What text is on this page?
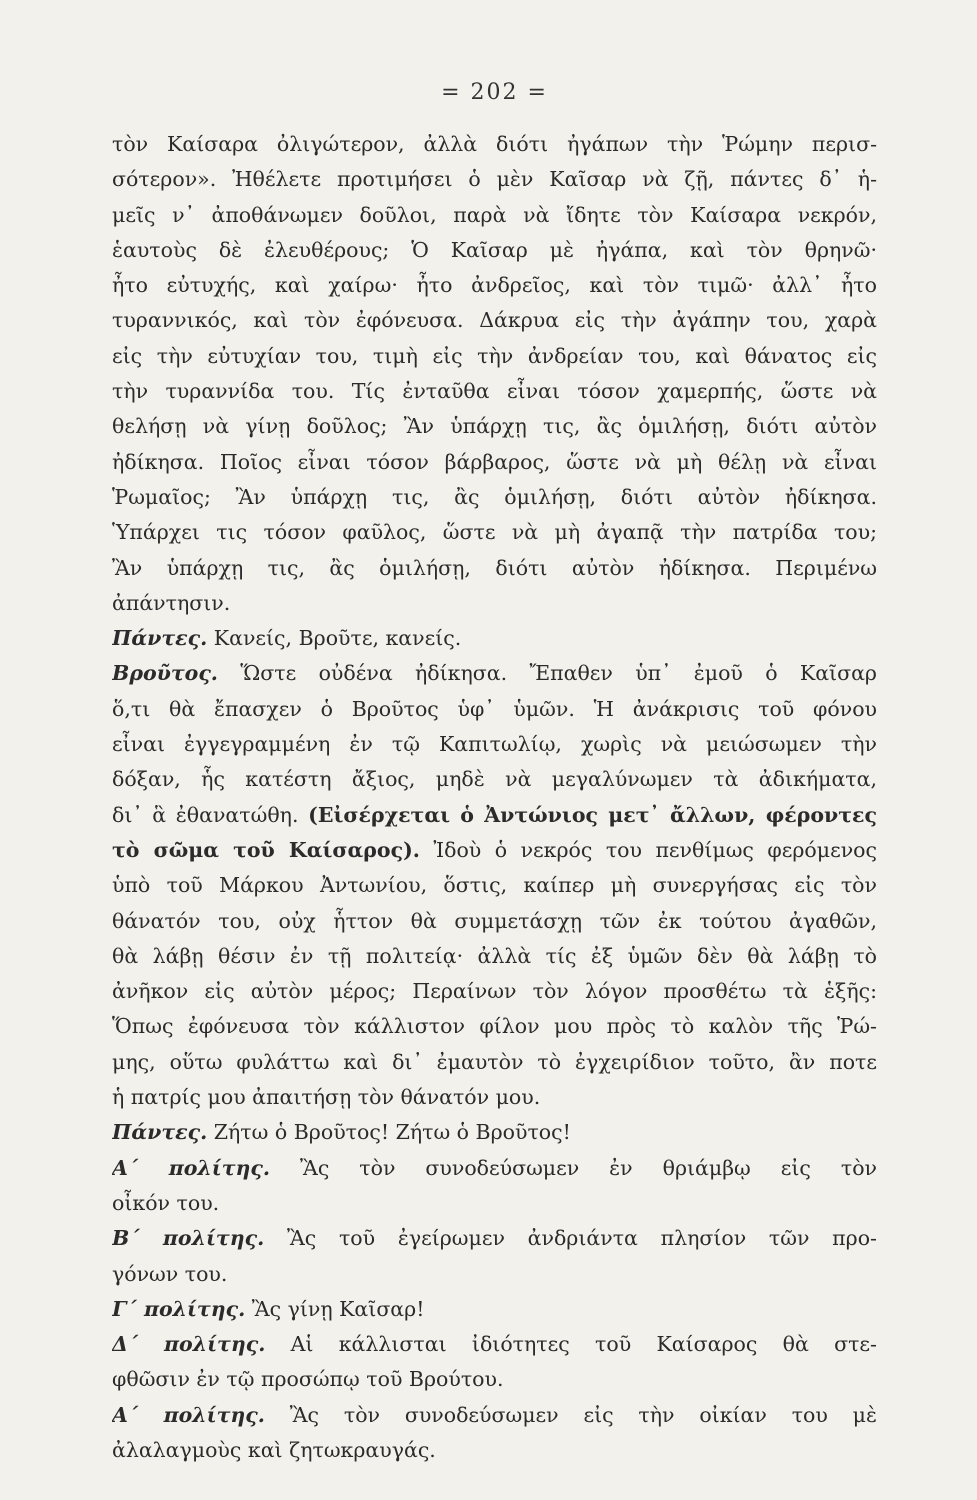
= 202 =
τὸν Καίσαρα ὀλιγώτερον, ἀλλὰ διότι ἠγάπων τὴν Ῥώμην περισ-
σότερον». Ἠθέλετε προτιμήσει ὁ μὲν Καῖσαρ νὰ ζῇ, πάντες δ᾽ ἡ-
μεῖς ν᾽ ἀποθάνωμεν δοῦλοι, παρὰ νὰ ἴδητε τὸν Καίσαρα νεκρόν,
ἑαυτοὺς δὲ ἐλευθέρους; Ὁ Καῖσαρ μὲ ἠγάπα, καὶ τὸν θρηνῶ·
ἦτο εὐτυχής, καὶ χαίρω· ἦτο ἀνδρεῖος, καὶ τὸν τιμῶ· ἀλλ᾽ ἦτο
τυραννικός, καὶ τὸν ἐφόνευσα. Δάκρυα εἰς τὴν ἀγάπην του, χαρὰ
εἰς τὴν εὐτυχίαν του, τιμὴ εἰς τὴν ἀνδρείαν του, καὶ θάνατος εἰς
τὴν τυραννίδα του. Τίς ἐνταῦθα εἶναι τόσον χαμερπής, ὥστε νὰ
θελήσῃ νὰ γίνῃ δοῦλος; Ἂν ὑπάρχῃ τις, ἂς ὁμιλήσῃ, διότι αὐτὸν
ἠδίκησα. Ποῖος εἶναι τόσον βάρβαρος, ὥστε νὰ μὴ θέλῃ νὰ εἶναι
Ῥωμαῖος; Ἂν ὑπάρχῃ τις, ἂς ὁμιλήσῃ, διότι αὐτὸν ἠδίκησα.
Ὑπάρχει τις τόσον φαῦλος, ὥστε νὰ μὴ ἀγαπᾷ τὴν πατρίδα του;
Ἂν ὑπάρχῃ τις, ἂς ὁμιλήσῃ, διότι αὐτὸν ἠδίκησα. Περιμένω
ἀπάντησιν.
Πάντες. Κανείς, Βροῦτε, κανείς.
Βροῦτος. Ὥστε οὐδένα ἠδίκησα. Ἔπαθεν ὑπ᾽ ἐμοῦ ὁ Καῖσαρ
ὅ,τι θὰ ἔπασχεν ὁ Βροῦτος ὑφ᾽ ὑμῶν. Ἡ ἀνάκρισις τοῦ φόνου
εἶναι ἐγγεγραμμένη ἐν τῷ Καπιτωλίῳ, χωρὶς νὰ μειώσωμεν τὴν
δόξαν, ἧς κατέστη ἄξιος, μηδὲ νὰ μεγαλύνωμεν τὰ ἀδικήματα,
δι᾽ ἃ ἐθανατώθη. (Εἰσέρχεται ὁ Ἀντώνιος μετ᾽ ἄλλων, φέροντες
τὸ σῶμα τοῦ Καίσαρος). Ἰδοὺ ὁ νεκρός του πενθίμως φερόμενος
ὑπὸ τοῦ Μάρκου Ἀντωνίου, ὅστις, καίπερ μὴ συνεργήσας εἰς τὸν
θάνατόν του, οὐχ ἧττον θὰ συμμετάσχῃ τῶν ἐκ τούτου ἀγαθῶν,
θὰ λάβῃ θέσιν ἐν τῇ πολιτείᾳ· ἀλλὰ τίς ἐξ ὑμῶν δὲν θὰ λάβῃ τὸ
ἀνῆκον εἰς αὐτὸν μέρος; Περαίνων τὸν λόγον προσθέτω τὰ ἑξῆς:
Ὅπως ἐφόνευσα τὸν κάλλιστον φίλον μου πρὸς τὸ καλὸν τῆς Ῥώ-
μης, οὕτω φυλάττω καὶ δι᾽ ἐμαυτὸν τὸ ἐγχειρίδιον τοῦτο, ἂν ποτε
ἡ πατρίς μου ἀπαιτήσῃ τὸν θάνατόν μου.
Πάντες. Ζήτω ὁ Βροῦτος! Ζήτω ὁ Βροῦτος!
Α΄ πολίτης. Ἂς τὸν συνοδεύσωμεν ἐν θριάμβῳ εἰς τὸν
οἶκόν του.
Β΄ πολίτης. Ἂς τοῦ ἐγείρωμεν ἀνδριάντα πλησίον τῶν προ-
γόνων του.
Γ΄ πολίτης. Ἂς γίνῃ Καῖσαρ!
Δ΄ πολίτης. Αἱ κάλλισται ἰδιότητες τοῦ Καίσαρος θὰ στε-
φθῶσιν ἐν τῷ προσώπῳ τοῦ Βρούτου.
Α΄ πολίτης. Ἂς τὸν συνοδεύσωμεν εἰς τὴν οἰκίαν του μὲ
ἀλαλαγμοὺς καὶ ζητωκραυγάς.
